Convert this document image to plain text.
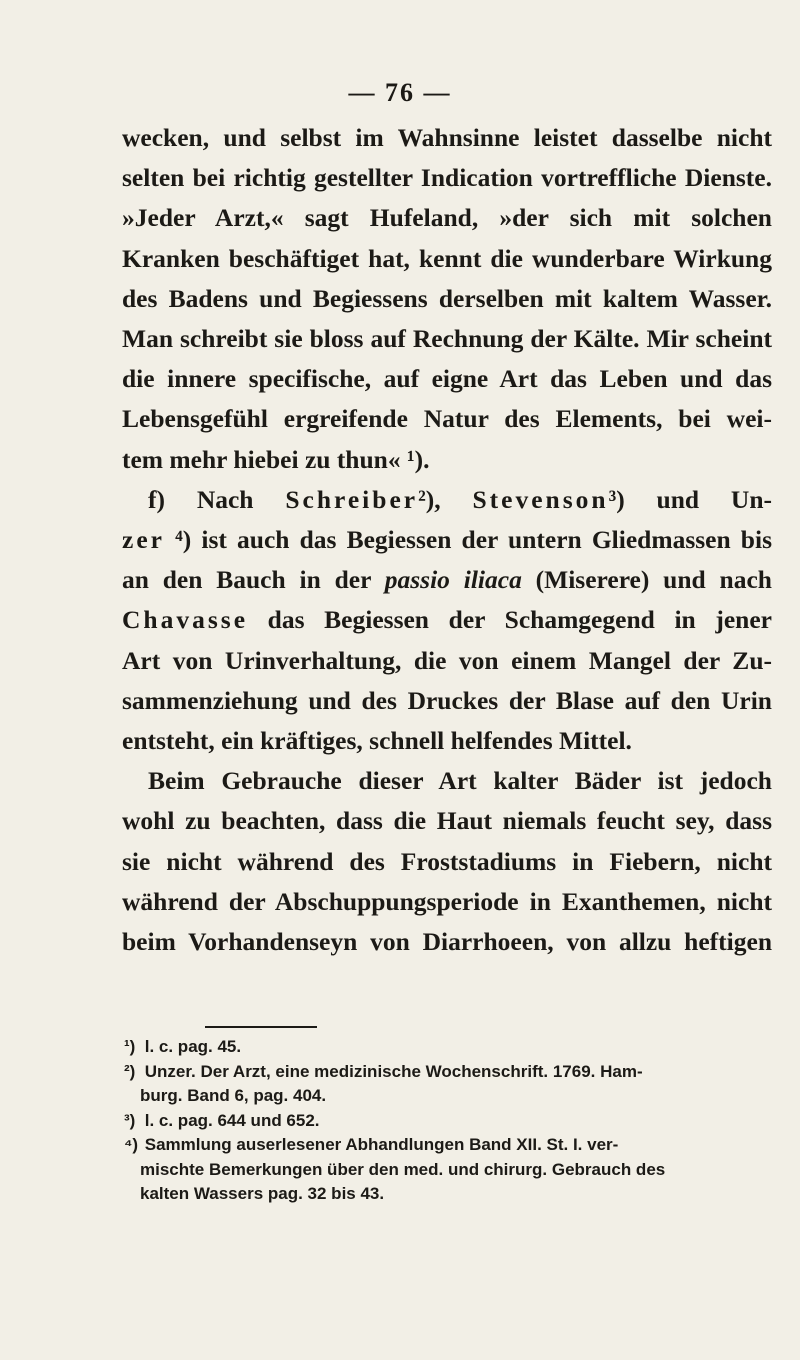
— 76 —
wecken, und selbst im Wahnsinne leistet dasselbe nicht
selten bei richtig gestellter Indication vortreffliche Dienste.
»Jeder Arzt,« sagt Hufeland, »der sich mit solchen
Kranken beschäftiget hat, kennt die wunderbare Wirkung
des Badens und Begiessens derselben mit kaltem Wasser.
Man schreibt sie bloss auf Rechnung der Kälte. Mir scheint
die innere specifische, auf eigne Art das Leben und das
Lebensgefühl ergreifende Natur des Elements, bei wei-
tem mehr hiebei zu thun« ¹).
f) Nach Schreiber²), Stevenson³) und Un-
zer ⁴) ist auch das Begiessen der untern Gliedmassen bis
an den Bauch in der passio iliaca (Miserere) und nach
Chavasse das Begiessen der Schamgegend in jener
Art von Urinverhaltung, die von einem Mangel der Zu-
sammenziehung und des Druckes der Blase auf den Urin
entsteht, ein kräftiges, schnell helfendes Mittel.
Beim Gebrauche dieser Art kalter Bäder ist jedoch
wohl zu beachten, dass die Haut niemals feucht sey, dass
sie nicht während des Froststadiums in Fiebern, nicht
während der Abschuppungsperiode in Exanthemen, nicht
beim Vorhandenseyn von Diarrhoeen, von allzu heftigen
¹) l. c. pag. 45.
²) Unzer. Der Arzt, eine medizinische Wochenschrift. 1769. Ham-
burg. Band 6, pag. 404.
³) l. c. pag. 644 und 652.
⁴) Sammlung auserlesener Abhandlungen Band XII. St. I. ver-
mischte Bemerkungen über den med. und chirurg. Gebrauch des
kalten Wassers pag. 32 bis 43.
